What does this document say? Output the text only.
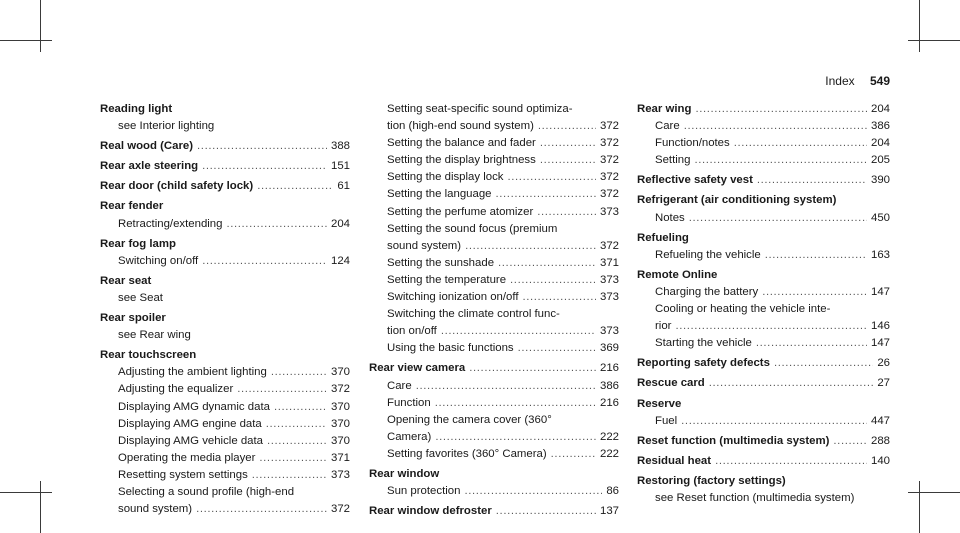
Index 549
Reading light
see Interior lighting
Real wood (Care) .....	388
Rear axle steering .....	151
Rear door (child safety lock) .....	61
Rear fender
Retracting/extending .....	204
Rear fog lamp
Switching on/off .....	124
Rear seat
see Seat
Rear spoiler
see Rear wing
Rear touchscreen
Adjusting the ambient lighting .....	370
Adjusting the equalizer .....	372
Displaying AMG dynamic data .....	370
Displaying AMG engine data .....	370
Displaying AMG vehicle data .....	370
Operating the media player .....	371
Resetting system settings .....	373
Selecting a sound profile (high-end
sound system) .....	372
Setting seat-specific sound optimiza-
tion (high-end sound system) .....	372
Setting the balance and fader .....	372
Setting the display brightness .....	372
Setting the display lock .....	372
Setting the language .....	372
Setting the perfume atomizer .....	373
Setting the sound focus (premium
sound system) .....	372
Setting the sunshade .....	371
Setting the temperature .....	373
Switching ionization on/off .....	373
Switching the climate control func-
tion on/off .....	373
Using the basic functions .....	369
Rear view camera .....	216
Care .....	386
Function .....	216
Opening the camera cover (360°
Camera) .....	222
Setting favorites (360° Camera) .....	222
Rear window
Sun protection .....	86
Rear window defroster .....	137
Rear wing .....	204
Care .....	386
Function/notes .....	204
Setting .....	205
Reflective safety vest .....	390
Refrigerant (air conditioning system)
Notes .....	450
Refueling
Refueling the vehicle .....	163
Remote Online
Charging the battery .....	147
Cooling or heating the vehicle inte-
rior .....	146
Starting the vehicle .....	147
Reporting safety defects .....	26
Rescue card .....	27
Reserve
Fuel .....	447
Reset function (multimedia system) .....	288
Residual heat .....	140
Restoring (factory settings)
see Reset function (multimedia system)
